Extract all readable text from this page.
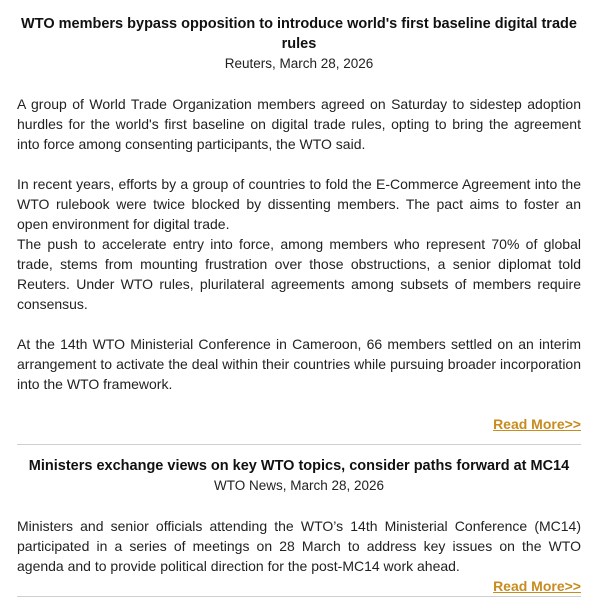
WTO members bypass opposition to introduce world's first baseline digital trade rules

Reuters, March 28, 2026

A group of World Trade Organization members agreed on Saturday to sidestep adoption hurdles for the world's first baseline on digital trade rules, opting to bring the agreement into force among consenting participants, the WTO said.

In recent years, efforts by a group of countries to fold the E-Commerce Agreement into the WTO rulebook were twice blocked by dissenting members. The pact aims to foster an open environment for digital trade.

The push to accelerate entry into force, among members who represent 70% of global trade, stems from mounting frustration over those obstructions, a senior diplomat told Reuters. Under WTO rules, plurilateral agreements among subsets of members require consensus.

At the 14th WTO Ministerial Conference in Cameroon, 66 members settled on an interim arrangement to activate the deal within their countries while pursuing broader incorporation into the WTO framework.

Read More>>
Ministers exchange views on key WTO topics, consider paths forward at MC14

WTO News, March 28, 2026

Ministers and senior officials attending the WTO’s 14th Ministerial Conference (MC14) participated in a series of meetings on 28 March to address key issues on the WTO agenda and to provide political direction for the post-MC14 work ahead.

Read More>>
